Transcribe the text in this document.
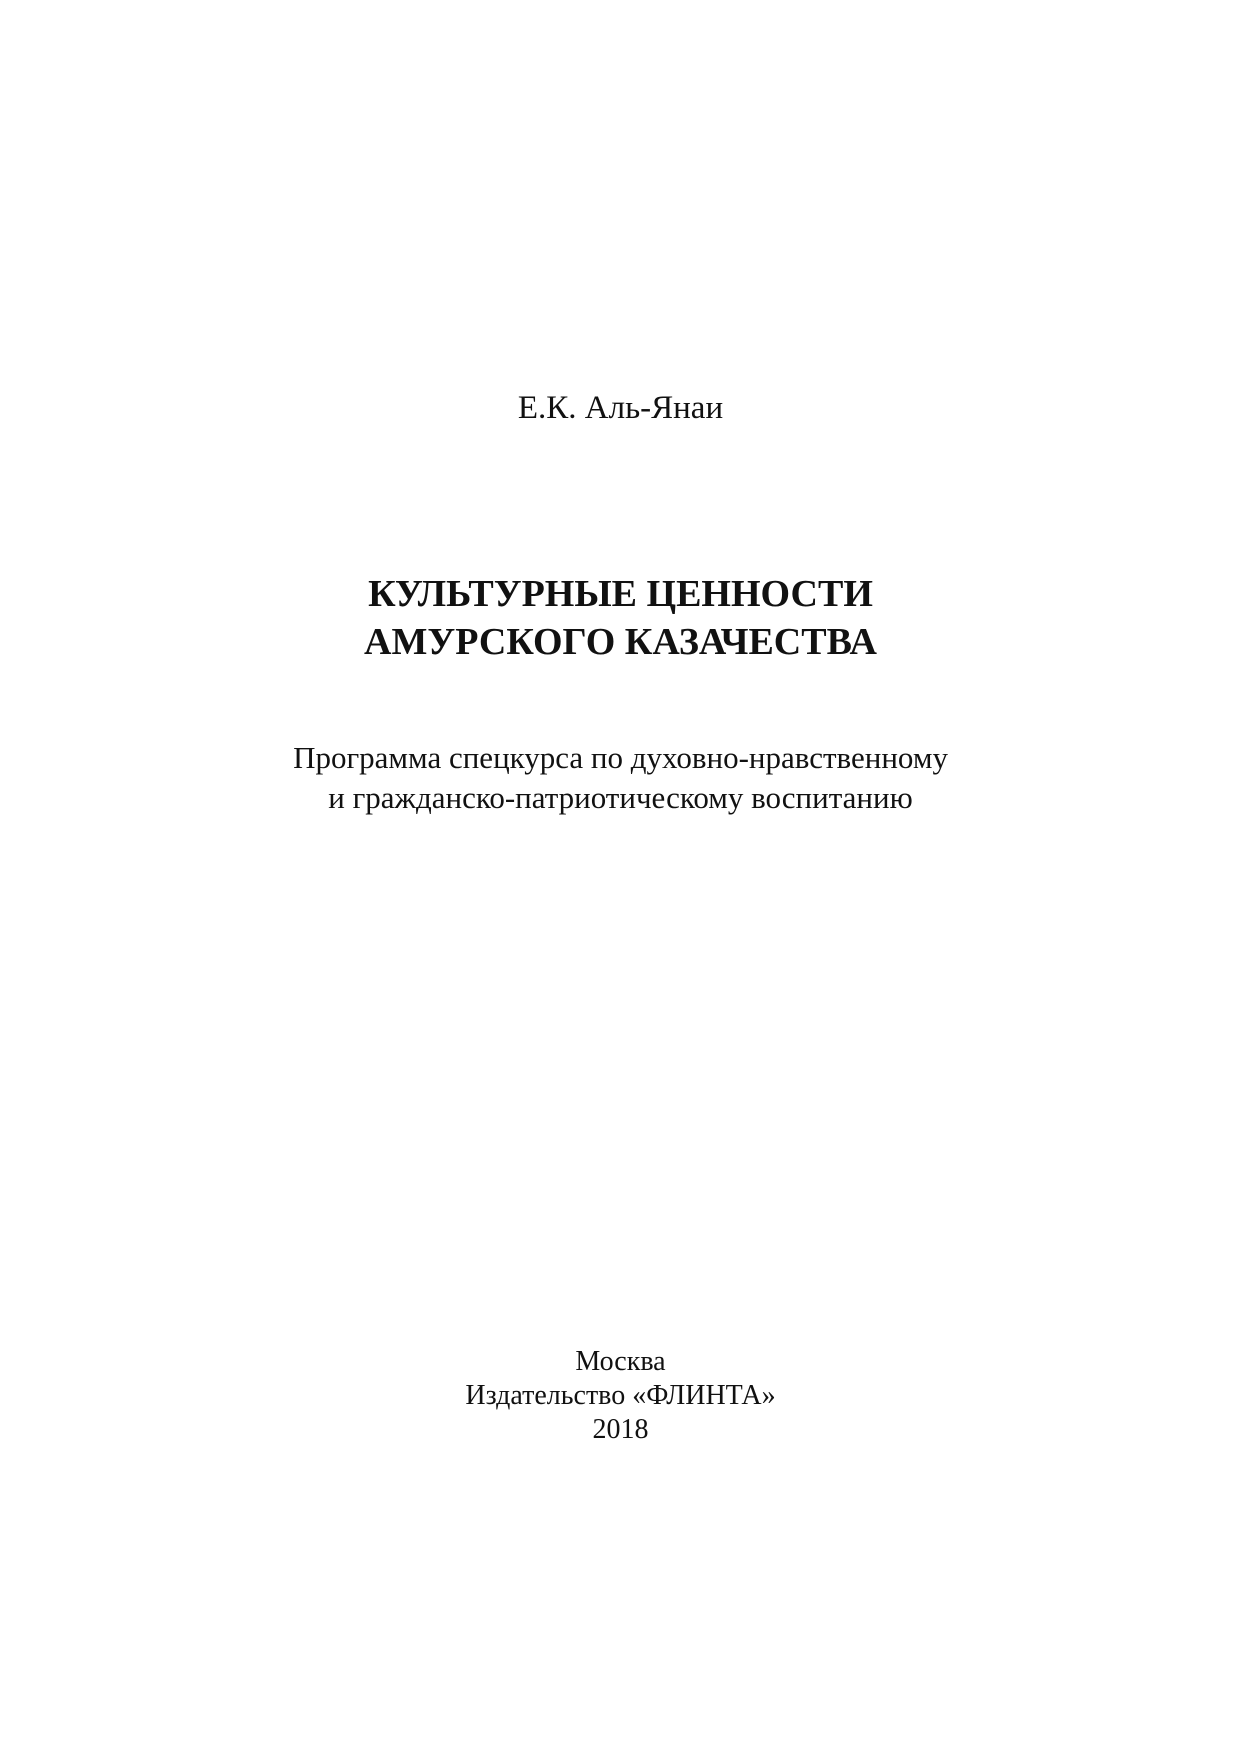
Е.К. Аль-Янаи
КУЛЬТУРНЫЕ ЦЕННОСТИ
АМУРСКОГО КАЗАЧЕСТВА
Программа спецкурса по духовно-нравственному
и гражданско-патриотическому воспитанию
Москва
Издательство «ФЛИНТА»
2018
